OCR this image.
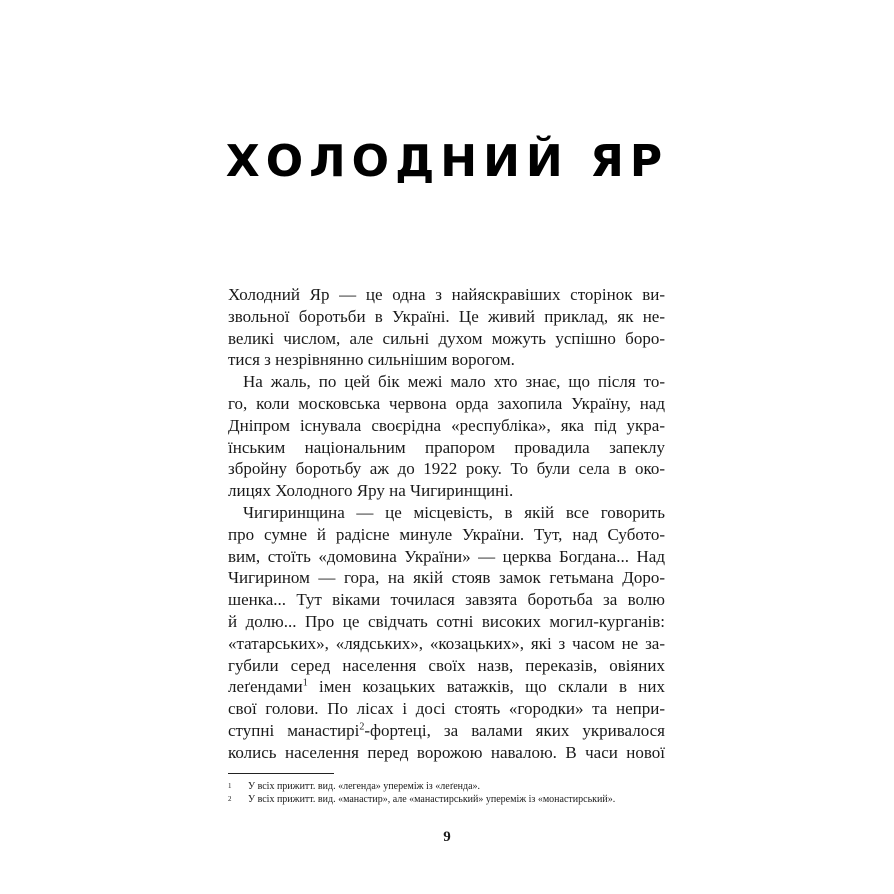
ХОЛОДНИЙ ЯР
Холодний Яр — це одна з найяскравіших сторінок ви-
звольної боротьби в Україні. Це живий приклад, як не-
великі числом, але сильні духом можуть успішно боро-
тися з незрівнянно сильнішим ворогом.
На жаль, по цей бік межі мало хто знає, що після то-
го, коли московська червона орда захопила Україну, над
Дніпром існувала своєрідна «республіка», яка під укра-
їнським національним прапором провадила запеклу
збройну боротьбу аж до 1922 року. То були села в око-
лицях Холодного Яру на Чигиринщині.
Чигиринщина — це місцевість, в якій все говорить
про сумне й радісне минуле України. Тут, над Субото-
вим, стоїть «домовина України» — церква Богдана... Над
Чигирином — гора, на якій стояв замок гетьмана Доро-
шенка... Тут віками точилася завзята боротьба за волю
й долю... Про це свідчать сотні високих могил-курганів:
«татарських», «лядських», «козацьких», які з часом не за-
губили серед населення своїх назв, переказів, овіяних
леґендами$^1$ імен козацьких ватажків, що склали в них
свої голови. По лісах і досі стоять «городки» та непри-
ступні манастирі$^2$-фортеці, за валами яких укривалося
колись населення перед ворожою навалою. В часи нової
1 У всіх прижитт. вид. «легенда» упереміж із «леґенда».
2 У всіх прижитт. вид. «манастир», але «манастирський» упереміж із «монастирський».
9
